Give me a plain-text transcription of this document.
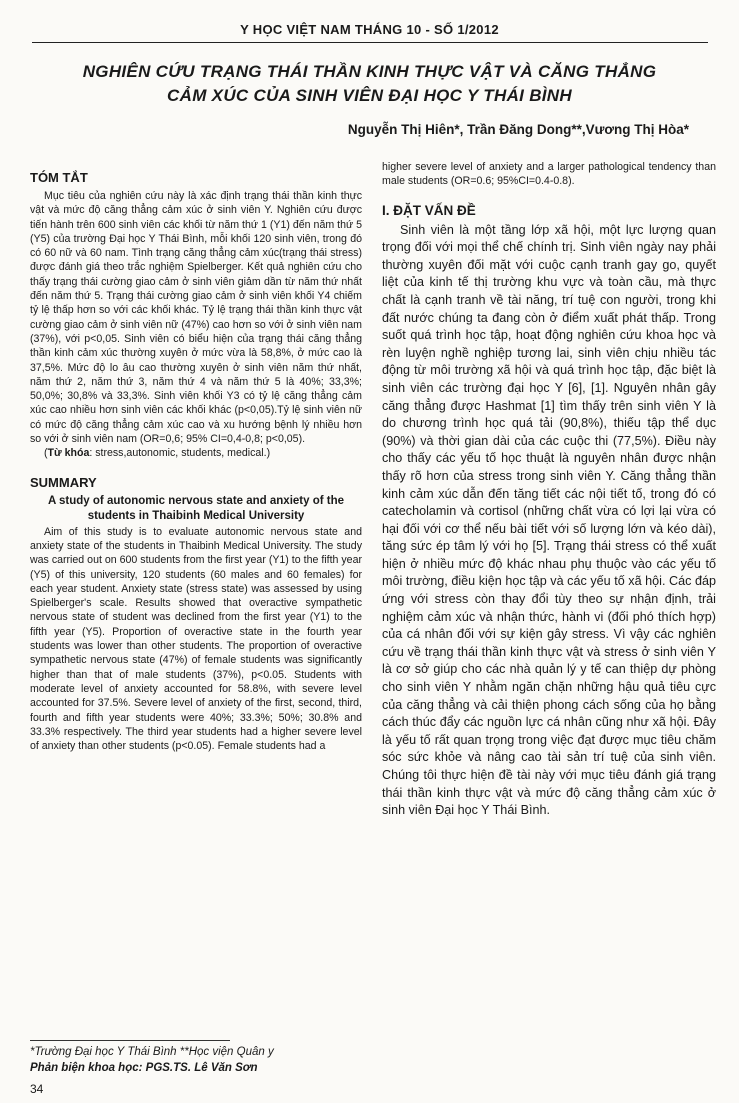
Y HỌC VIỆT NAM THÁNG 10 - SỐ 1/2012
NGHIÊN CỨU TRẠNG THÁI THẦN KINH THỰC VẬT VÀ CĂNG THẲNG
CẢM XÚC CỦA SINH VIÊN ĐẠI HỌC Y THÁI BÌNH
Nguyễn Thị Hiên*, Trần Đăng Dong**,Vương Thị Hòa*
TÓM TẮT

Mục tiêu của nghiên cứu này là xác định trạng thái thần kinh thực vật và mức độ căng thẳng cảm xúc ở sinh viên Y. Nghiên cứu được tiến hành trên 600 sinh viên các khối từ năm thứ 1 (Y1) đến năm thứ 5 (Y5) của trường Đại học Y Thái Bình, mỗi khối 120 sinh viên, trong đó có 60 nữ và 60 nam. Tình trạng căng thẳng cảm xúc(trạng thái stress) được đánh giá theo trắc nghiệm Spielberger. Kết quả nghiên cứu cho thấy trạng thái cường giao cảm ở sinh viên giảm dần từ năm thứ nhất đến năm thứ 5. Trạng thái cường giao cảm ở sinh viên khối Y4 chiếm tỷ lệ thấp hơn so với các khối khác. Tỷ lệ trạng thái thần kinh thực vật cường giao cảm ở sinh viên nữ (47%) cao hơn so với ở sinh viên nam (37%), với p<0,05. Sinh viên có biểu hiện của trạng thái căng thẳng thần kinh cảm xúc thường xuyên ở mức vừa là 58,8%, ở mức cao là 37,5%. Mức độ lo âu cao thường xuyên ở sinh viên năm thứ nhất, năm thứ 2, năm thứ 3, năm thứ 4 và năm thứ 5 là 40%; 33,3%; 50,0%; 30,8% và 33,3%. Sinh viên khối Y3 có tỷ lệ căng thẳng cảm xúc cao nhiều hơn sinh viên các khối khác (p<0,05).Tỷ lệ sinh viên nữ có mức độ căng thẳng cảm xúc cao và xu hướng bệnh lý nhiều hơn so với ở sinh viên nam (OR=0,6; 95% CI=0,4-0,8; p<0,05).

(Từ khóa: stress,autonomic, students, medical.)

SUMMARY
A study of autonomic nervous state and anxiety of the students in Thaibinh Medical University

Aim of this study is to evaluate autonomic nervous state and anxiety state of the students in Thaibinh Medical University. The study was carried out on 600 students from the first year (Y1) to the fifth year (Y5) of this university, 120 students (60 males and 60 females) for each year student. Anxiety state (stress state) was assessed by using Spielberger's scale. Results showed that overactive sympathetic nervous state of student was declined from the first year (Y1) to the fifth year (Y5). Proportion of overactive state in the fourth year students was lower than other students. The proportion of overactive sympathetic nervous state (47%) of female students was significantly higher than that of male students (37%), p<0.05. Students with moderate level of anxiety accounted for 58.8%, with severe level accounted for 37.5%. Severe level of anxiety of the first, second, third, fourth and fifth year students were 40%; 33.3%; 50%; 30.8% and 33.3% respectively. The third year students had a higher severe level of anxiety than other students (p<0.05). Female students had a

higher severe level of anxiety and a larger pathological tendency than male students (OR=0.6; 95%CI=0.4-0.8).

I. ĐẶT VẤN ĐỀ

Sinh viên là một tầng lớp xã hội, một lực lượng quan trọng đối với mọi thể chế chính trị. Sinh viên ngày nay phải thường xuyên đối mặt với cuộc cạnh tranh gay go, quyết liệt của kinh tế thị trường khu vực và toàn cầu, mà thực chất là cạnh tranh về tài năng, trí tuệ con người, trong khi đất nước chúng ta đang còn ở điểm xuất phát thấp. Trong suốt quá trình học tập, hoạt động nghiên cứu khoa học và rèn luyện nghề nghiệp tương lai, sinh viên chịu nhiều tác động từ môi trường xã hội và quá trình học tập, đặc biệt là sinh viên các trường đại học Y [6], [1]. Nguyên nhân gây căng thẳng được Hashmat [1] tìm thấy trên sinh viên Y là do chương trình học quá tải (90,8%), thiếu tập thể dục (90%) và thời gian dài của các cuộc thi (77,5%). Điều này cho thấy các yếu tố học thuật là nguyên nhân được nhận thấy rõ hơn của stress trong sinh viên Y. Căng thẳng thần kinh cảm xúc dẫn đến tăng tiết các nội tiết tố, trong đó có catecholamin và cortisol (những chất vừa có lợi lại vừa có hại đối với cơ thể nếu bài tiết với số lượng lớn và kéo dài), tăng sức ép tâm lý với họ [5]. Trạng thái stress có thể xuất hiện ở nhiều mức độ khác nhau phụ thuộc vào các yếu tố môi trường, điều kiện học tập và các yếu tố xã hội. Các đáp ứng với stress còn thay đổi tùy theo sự nhận định, trải nghiệm cảm xúc và nhận thức, hành vi (đối phó thích hợp) của cá nhân đối với sự kiện gây stress. Vì vậy các nghiên cứu về trạng thái thần kinh thực vật và stress ở sinh viên Y là cơ sở giúp cho các nhà quản lý y tế can thiệp dự phòng cho sinh viên Y nhằm ngăn chặn những hậu quả tiêu cực của căng thẳng và cải thiện phong cách sống của họ bằng cách thúc đẩy các nguồn lực cá nhân cũng như xã hội. Đây là yếu tố rất quan trọng trong việc đạt được mục tiêu chăm sóc sức khỏe và nâng cao tài sản trí tuệ của sinh viên. Chúng tôi thực hiện đề tài này với mục tiêu đánh giá trạng thái thần kinh thực vật và mức độ căng thẳng cảm xúc ở sinh viên Đại học Y Thái Bình.

*Trường Đại học Y Thái Bình **Học viện Quân y
Phản biện khoa học: PGS.TS. Lê Văn Sơn
34
